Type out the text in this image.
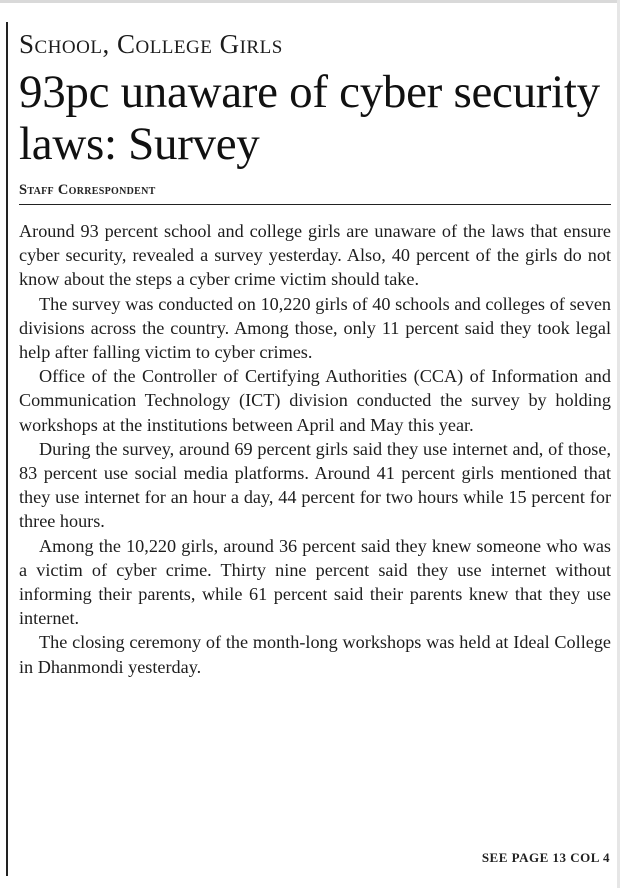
School, College Girls
93pc unaware of cyber security laws: Survey
Staff Correspondent

Around 93 percent school and college girls are unaware of the laws that ensure cyber security, revealed a survey yesterday. Also, 40 percent of the girls do not know about the steps a cyber crime victim should take.

The survey was conducted on 10,220 girls of 40 schools and colleges of seven divisions across the country. Among those, only 11 percent said they took legal help after falling victim to cyber crimes.

Office of the Controller of Certifying Authorities (CCA) of Information and Communication Technology (ICT) division conducted the survey by holding workshops at the institutions between April and May this year.

During the survey, around 69 percent girls said they use internet and, of those, 83 percent use social media platforms. Around 41 percent girls mentioned that they use internet for an hour a day, 44 percent for two hours while 15 percent for three hours.

Among the 10,220 girls, around 36 percent said they knew someone who was a victim of cyber crime. Thirty nine percent said they use internet without informing their parents, while 61 percent said their parents knew that they use internet.

The closing ceremony of the month-long workshops was held at Ideal College in Dhanmondi yesterday.

SEE PAGE 13 COL 4
